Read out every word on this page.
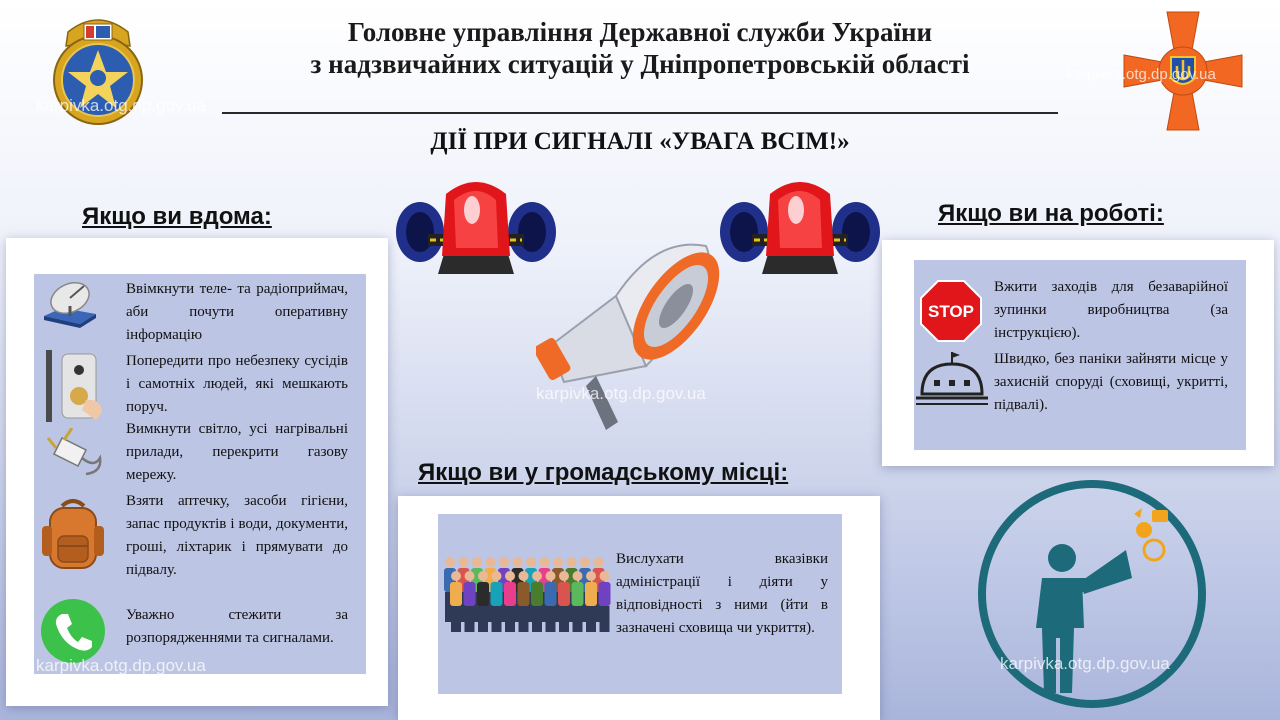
Головне управління Державної служби України
з надзвичайних ситуацій у Дніпропетровській області
ДІЇ ПРИ СИГНАЛІ «УВАГА ВСІМ!»
Якщо ви вдома:	Якщо ви на роботі:
Якщо ви у громадському місці:
Ввімкнути теле- та радіоприймач, аби почути оперативну інформацію
Попередити про небезпеку сусідів і самотніх людей, які мешкають поруч.
Вимкнути світло, усі нагрівальні прилади, перекрити газову мережу.
Взяти аптечку, засоби гігієни, запас продуктів і води, документи, гроші, ліхтарик і прямувати до підвалу.
Уважно стежити за розпорядженнями та сигналами.
STOP
Вжити заходів для безаварійної зупинки виробництва (за інструкцією).
Швидко, без паніки зайняти місце у захисній споруді (сховищі, укритті, підвалі).
Вислухати вказівки адміністрації і діяти у відповідності з ними (йти в зазначені сховища чи укриття).
karpivka.otg.dp.gov.ua
karpivka.otg.dp.gov.ua
karpivka.otg.dp.gov.ua
karpivka.otg.dp.gov.ua	karpivka.otg.dp.gov.ua
